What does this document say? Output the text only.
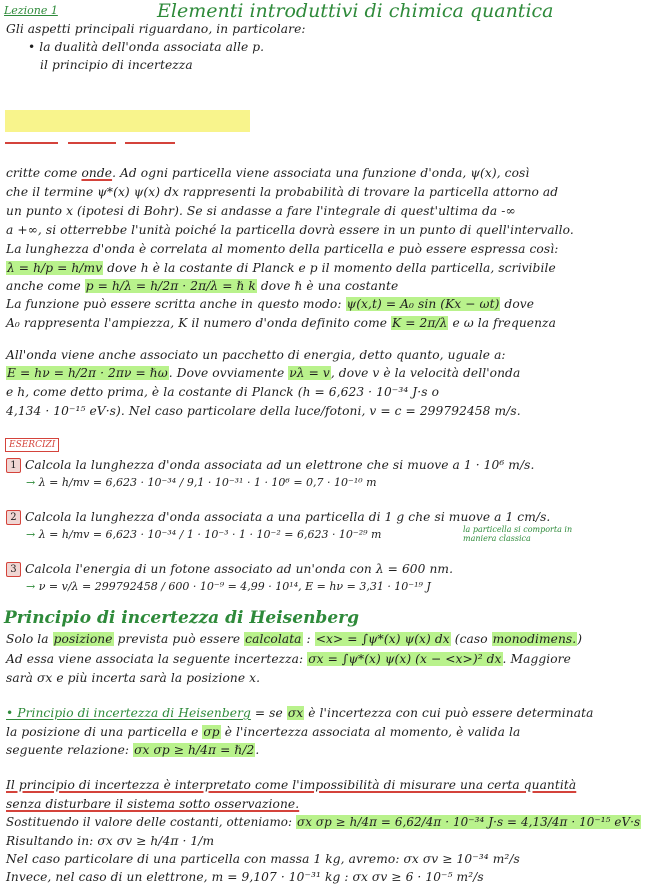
Lezione 1	Elementi introduttivi di chimica quantica
Gli aspetti principali riguardano, in particolare:
• la dualità dell'onda associata alle p.
il principio di incertezza
critte come onde. Ad ogni particella viene associata una funzione d'onda, ψ(x), così
che il termine ψ*(x) ψ(x) dx rappresenti la probabilità di trovare la particella attorno ad
un punto x (ipotesi di Bohr). Se si andasse a fare l'integrale di quest'ultima da -∞
a +∞, si otterrebbe l'unità poiché la particella dovrà essere in un punto di quell'intervallo.
La lunghezza d'onda è correlata al momento della particella e può essere espressa così:
λ = h/p = h/mv dove h è la costante di Planck e p il momento della particella, scrivibile
anche come p = h/λ = h/2π · 2π/λ = ℏ k dove ℏ è una costante
La funzione può essere scritta anche in questo modo: ψ(x,t) = A₀ sin (Kx − ωt) dove
A₀ rappresenta l'ampiezza, K il numero d'onda definito come K = 2π/λ e ω la frequenza
All'onda viene anche associato un pacchetto di energia, detto quanto, uguale a:
E = hν = h/2π · 2πν = ℏω. Dove ovviamente νλ = v, dove v è la velocità dell'onda
e h, come detto prima, è la costante di Planck (h = 6,623 · 10⁻³⁴ J·s o
4,134 · 10⁻¹⁵ eV·s). Nel caso particolare della luce/fotoni, v = c = 299792458 m/s.
ESERCIZI
1 Calcola la lunghezza d'onda associata ad un elettrone che si muove a 1 · 10⁶ m/s.
→ λ = h/mv = 6,623 · 10⁻³⁴ / 9,1 · 10⁻³¹ · 1 · 10⁶ = 0,7 · 10⁻¹⁰ m
2 Calcola la lunghezza d'onda associata a una particella di 1 g che si muove a 1 cm/s.
→ λ = h/mv = 6,623 · 10⁻³⁴ / 1 · 10⁻³ · 1 · 10⁻² = 6,623 · 10⁻²⁹ m	la particella si comporta in
maniera classica
3 Calcola l'energia di un fotone associato ad un'onda con λ = 600 nm.
→ ν = v/λ = 299792458 / 600 · 10⁻⁹ = 4,99 · 10¹⁴, E = hν = 3,31 · 10⁻¹⁹ J
Principio di incertezza di Heisenberg
Solo la posizione prevista può essere calcolata : <x> = ∫ψ*(x) ψ(x) dx (caso monodimens.)
Ad essa viene associata la seguente incertezza: σx = ∫ψ*(x) ψ(x) (x − <x>)² dx. Maggiore
sarà σx e più incerta sarà la posizione x.
• Principio di incertezza di Heisenberg = se σx è l'incertezza con cui può essere determinata
la posizione di una particella e σp è l'incertezza associata al momento, è valida la
seguente relazione: σx σp ≥ h/4π = ℏ/2.
Il principio di incertezza è interpretato come l'impossibilità di misurare una certa quantità
senza disturbare il sistema sotto osservazione.
Sostituendo il valore delle costanti, otteniamo: σx σp ≥ h/4π = 6,62/4π · 10⁻³⁴ J·s = 4,13/4π · 10⁻¹⁵ eV·s
Risultando in: σx σv ≥ h/4π · 1/m
Nel caso particolare di una particella con massa 1 kg, avremo: σx σv ≥ 10⁻³⁴ m²/s
Invece, nel caso di un elettrone, m = 9,107 · 10⁻³¹ kg : σx σv ≥ 6 · 10⁻⁵ m²/s
